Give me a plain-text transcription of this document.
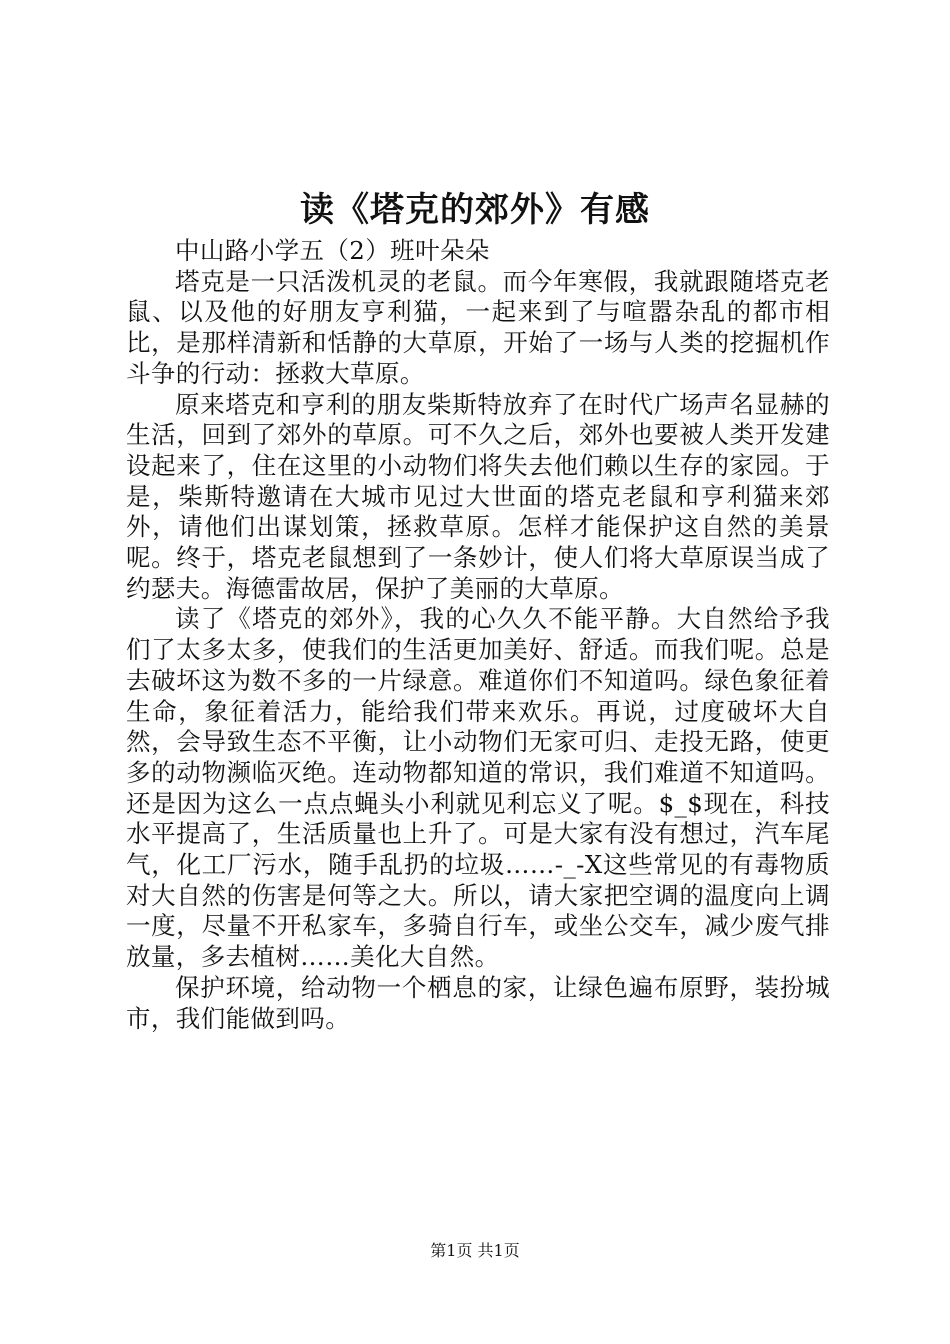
读《塔克的郊外》有感

中山路小学五（2）班叶朵朵

塔克是一只活泼机灵的老鼠。而今年寒假，我就跟随塔克老鼠、以及他的好朋友亨利猫，一起来到了与喧嚣杂乱的都市相比，是那样清新和恬静的大草原，开始了一场与人类的挖掘机作斗争的行动：拯救大草原。

原来塔克和亨利的朋友柴斯特放弃了在时代广场声名显赫的生活，回到了郊外的草原。可不久之后，郊外也要被人类开发建设起来了，住在这里的小动物们将失去他们赖以生存的家园。于是，柴斯特邀请在大城市见过大世面的塔克老鼠和亨利猫来郊外，请他们出谋划策，拯救草原。怎样才能保护这自然的美景呢。终于，塔克老鼠想到了一条妙计，使人们将大草原误当成了约瑟夫。海德雷故居，保护了美丽的大草原。

读了《塔克的郊外》，我的心久久不能平静。大自然给予我们了太多太多，使我们的生活更加美好、舒适。而我们呢。总是去破坏这为数不多的一片绿意。难道你们不知道吗。绿色象征着生命，象征着活力，能给我们带来欢乐。再说，过度破坏大自然，会导致生态不平衡，让小动物们无家可归、走投无路，使更多的动物濒临灭绝。连动物都知道的常识，我们难道不知道吗。还是因为这么一点点蝇头小利就见利忘义了呢。$_$现在，科技水平提高了，生活质量也上升了。可是大家有没有想过，汽车尾气，化工厂污水，随手乱扔的垃圾……-_-X这些常见的有毒物质对大自然的伤害是何等之大。所以，请大家把空调的温度向上调一度，尽量不开私家车，多骑自行车，或坐公交车，减少废气排放量，多去植树……美化大自然。

保护环境，给动物一个栖息的家，让绿色遍布原野，装扮城市，我们能做到吗。

第1页 共1页
